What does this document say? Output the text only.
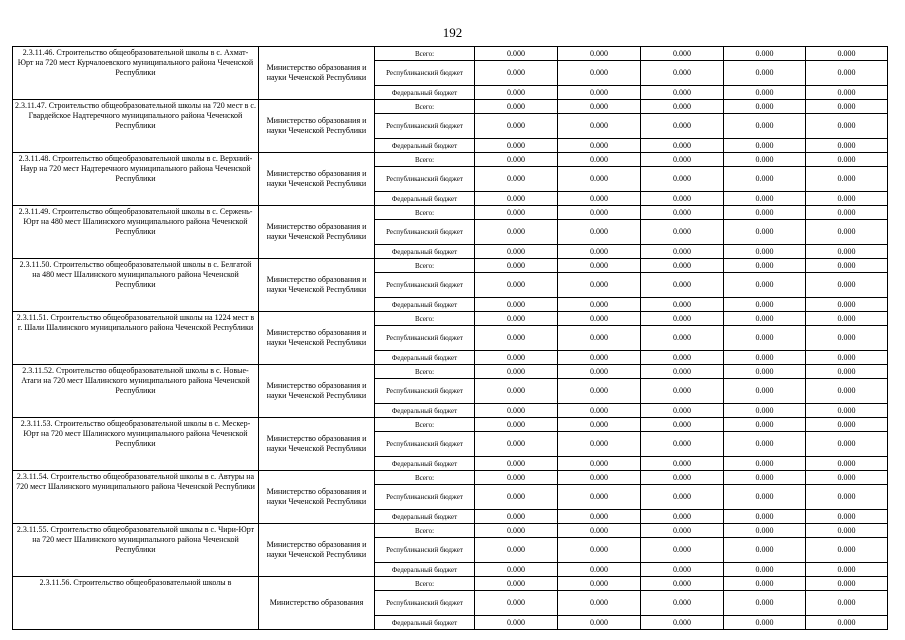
192
2.3.11.46. Строительство общеобразовательной школы в с. Ахмат-Юрт на 720 мест Курчалоевского муниципального района Чеченской Республики	Министерство образования и науки Чеченской Республики	Всего:	0.000	0.000	0.000	0.000	0.000
		Республиканский бюджет	0.000	0.000	0.000	0.000	0.000
		Федеральный бюджет	0.000	0.000	0.000	0.000	0.000
2.3.11.47. Строительство общеобразовательной школы на 720 мест в с. Гвардейское Надтеречного муниципального района Чеченской Республики	Министерство образования и науки Чеченской Республики	Всего:	0.000	0.000	0.000	0.000	0.000
		Республиканский бюджет	0.000	0.000	0.000	0.000	0.000
		Федеральный бюджет	0.000	0.000	0.000	0.000	0.000
2.3.11.48. Строительство общеобразовательной школы в с. Верхний-Наур на 720 мест Надтеречного муниципального района Чеченской Республики	Министерство образования и науки Чеченской Республики	Всего:	0.000	0.000	0.000	0.000	0.000
		Республиканский бюджет	0.000	0.000	0.000	0.000	0.000
		Федеральный бюджет	0.000	0.000	0.000	0.000	0.000
2.3.11.49. Строительство общеобразовательной школы в с. Сержень-Юрт на 480 мест Шалинского муниципального района Чеченской Республики	Министерство образования и науки Чеченской Республики	Всего:	0.000	0.000	0.000	0.000	0.000
		Республиканский бюджет	0.000	0.000	0.000	0.000	0.000
		Федеральный бюджет	0.000	0.000	0.000	0.000	0.000
2.3.11.50. Строительство общеобразовательной школы в с. Белгатой на 480 мест Шалинского муниципального района Чеченской Республики	Министерство образования и науки Чеченской Республики	Всего:	0.000	0.000	0.000	0.000	0.000
		Республиканский бюджет	0.000	0.000	0.000	0.000	0.000
		Федеральный бюджет	0.000	0.000	0.000	0.000	0.000
2.3.11.51. Строительство общеобразовательной школы на 1224 мест в г. Шали Шалинского муниципального района Чеченской Республики	Министерство образования и науки Чеченской Республики	Всего:	0.000	0.000	0.000	0.000	0.000
		Республиканский бюджет	0.000	0.000	0.000	0.000	0.000
		Федеральный бюджет	0.000	0.000	0.000	0.000	0.000
2.3.11.52. Строительство общеобразовательной школы в с. Новые-Атаги на 720 мест Шалинского муниципального района Чеченской Республики	Министерство образования и науки Чеченской Республики	Всего:	0.000	0.000	0.000	0.000	0.000
		Республиканский бюджет	0.000	0.000	0.000	0.000	0.000
		Федеральный бюджет	0.000	0.000	0.000	0.000	0.000
2.3.11.53. Строительство общеобразовательной школы в с. Мескер-Юрт на 720 мест Шалинского муниципального района Чеченской Республики	Министерство образования и науки Чеченской Республики	Всего:	0.000	0.000	0.000	0.000	0.000
		Республиканский бюджет	0.000	0.000	0.000	0.000	0.000
		Федеральный бюджет	0.000	0.000	0.000	0.000	0.000
2.3.11.54. Строительство общеобразовательной школы в с. Автуры на 720 мест Шалинского муниципального района Чеченской Республики	Министерство образования и науки Чеченской Республики	Всего:	0.000	0.000	0.000	0.000	0.000
		Республиканский бюджет	0.000	0.000	0.000	0.000	0.000
		Федеральный бюджет	0.000	0.000	0.000	0.000	0.000
2.3.11.55. Строительство общеобразовательной школы в с. Чири-Юрт на 720 мест Шалинского муниципального района Чеченской Республики	Министерство образования и науки Чеченской Республики	Всего:	0.000	0.000	0.000	0.000	0.000
		Республиканский бюджет	0.000	0.000	0.000	0.000	0.000
		Федеральный бюджет	0.000	0.000	0.000	0.000	0.000
2.3.11.56. Строительство общеобразовательной школы в	Министерство образования	Всего:	0.000	0.000	0.000	0.000	0.000
		Республиканский бюджет	0.000	0.000	0.000	0.000	0.000
		Федеральный бюджет	0.000	0.000	0.000	0.000	0.000
